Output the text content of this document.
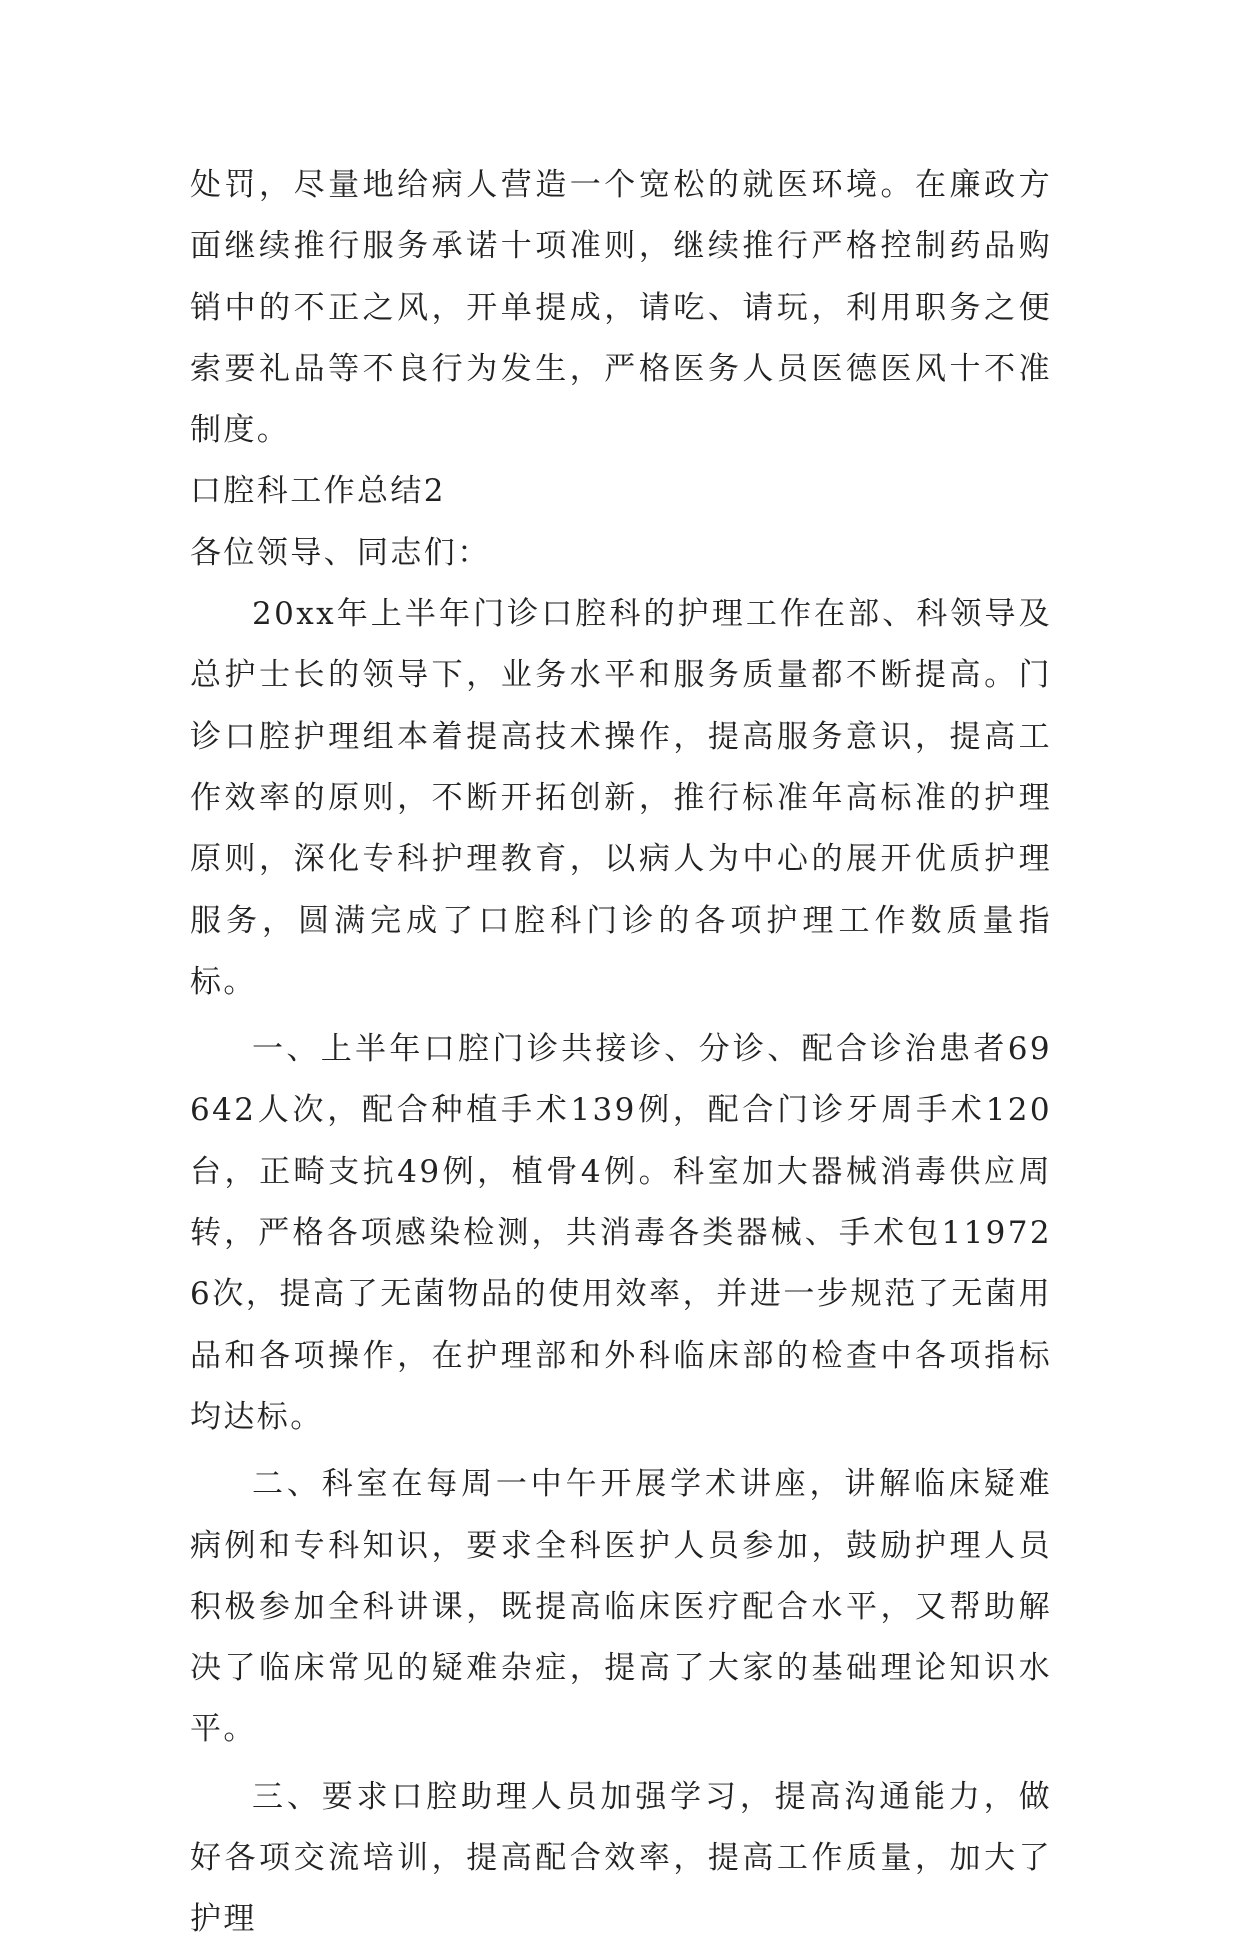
处罚，尽量地给病人营造一个宽松的就医环境。在廉政方面继续推行服务承诺十项准则，继续推行严格控制药品购销中的不正之风，开单提成，请吃、请玩，利用职务之便索要礼品等不良行为发生，严格医务人员医德医风十不准制度。

口腔科工作总结2

各位领导、同志们：

20xx年上半年门诊口腔科的护理工作在部、科领导及总护士长的领导下，业务水平和服务质量都不断提高。门诊口腔护理组本着提高技术操作，提高服务意识，提高工作效率的原则，不断开拓创新，推行标准年高标准的护理原则，深化专科护理教育，以病人为中心的展开优质护理服务，圆满完成了口腔科门诊的各项护理工作数质量指标。

一、上半年口腔门诊共接诊、分诊、配合诊治患者69642人次，配合种植手术139例，配合门诊牙周手术120台，正畸支抗49例，植骨4例。科室加大器械消毒供应周转，严格各项感染检测，共消毒各类器械、手术包119726次，提高了无菌物品的使用效率，并进一步规范了无菌用品和各项操作，在护理部和外科临床部的检查中各项指标均达标。

二、科室在每周一中午开展学术讲座，讲解临床疑难病例和专科知识，要求全科医护人员参加，鼓励护理人员积极参加全科讲课，既提高临床医疗配合水平，又帮助解决了临床常见的疑难杂症，提高了大家的基础理论知识水平。

三、要求口腔助理人员加强学习，提高沟通能力，做好各项交流培训，提高配合效率，提高工作质量，加大了护理
